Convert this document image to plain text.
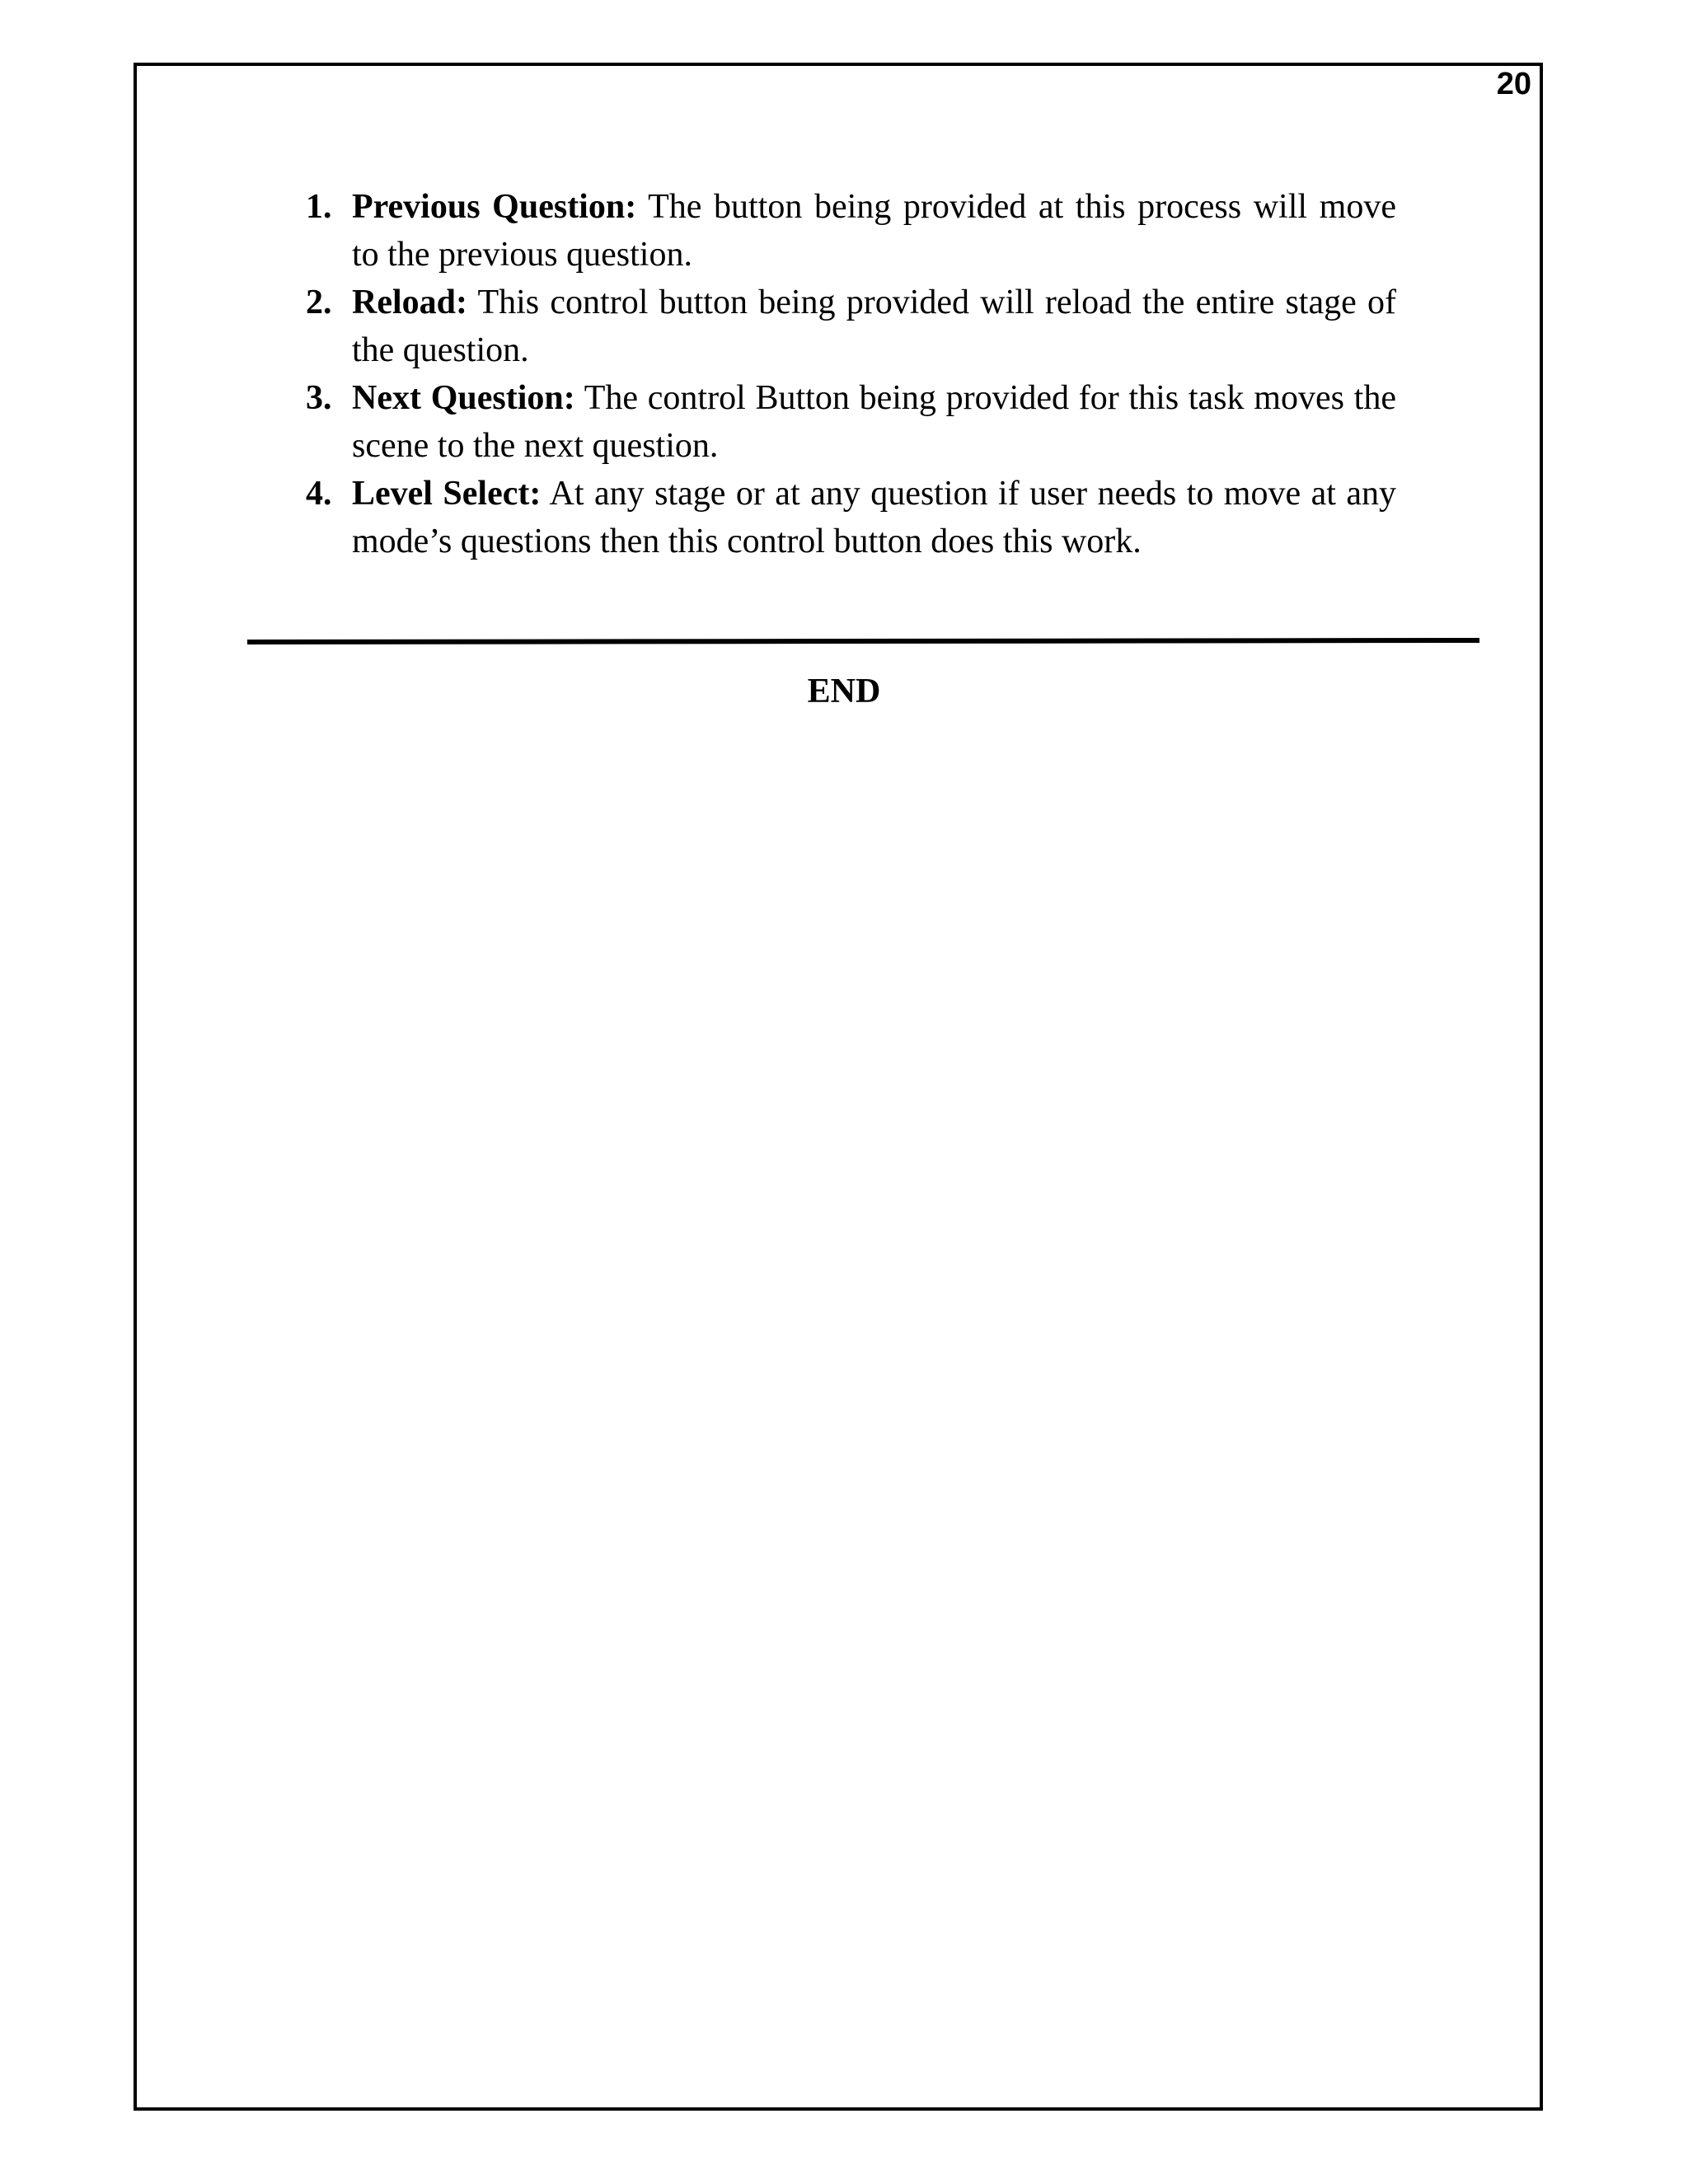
20
1. Previous Question: The button being provided at this process will move to the previous question.
2. Reload: This control button being provided will reload the entire stage of the question.
3. Next Question: The control Button being provided for this task moves the scene to the next question.
4. Level Select: At any stage or at any question if user needs to move at any mode’s questions then this control button does this work.
END
